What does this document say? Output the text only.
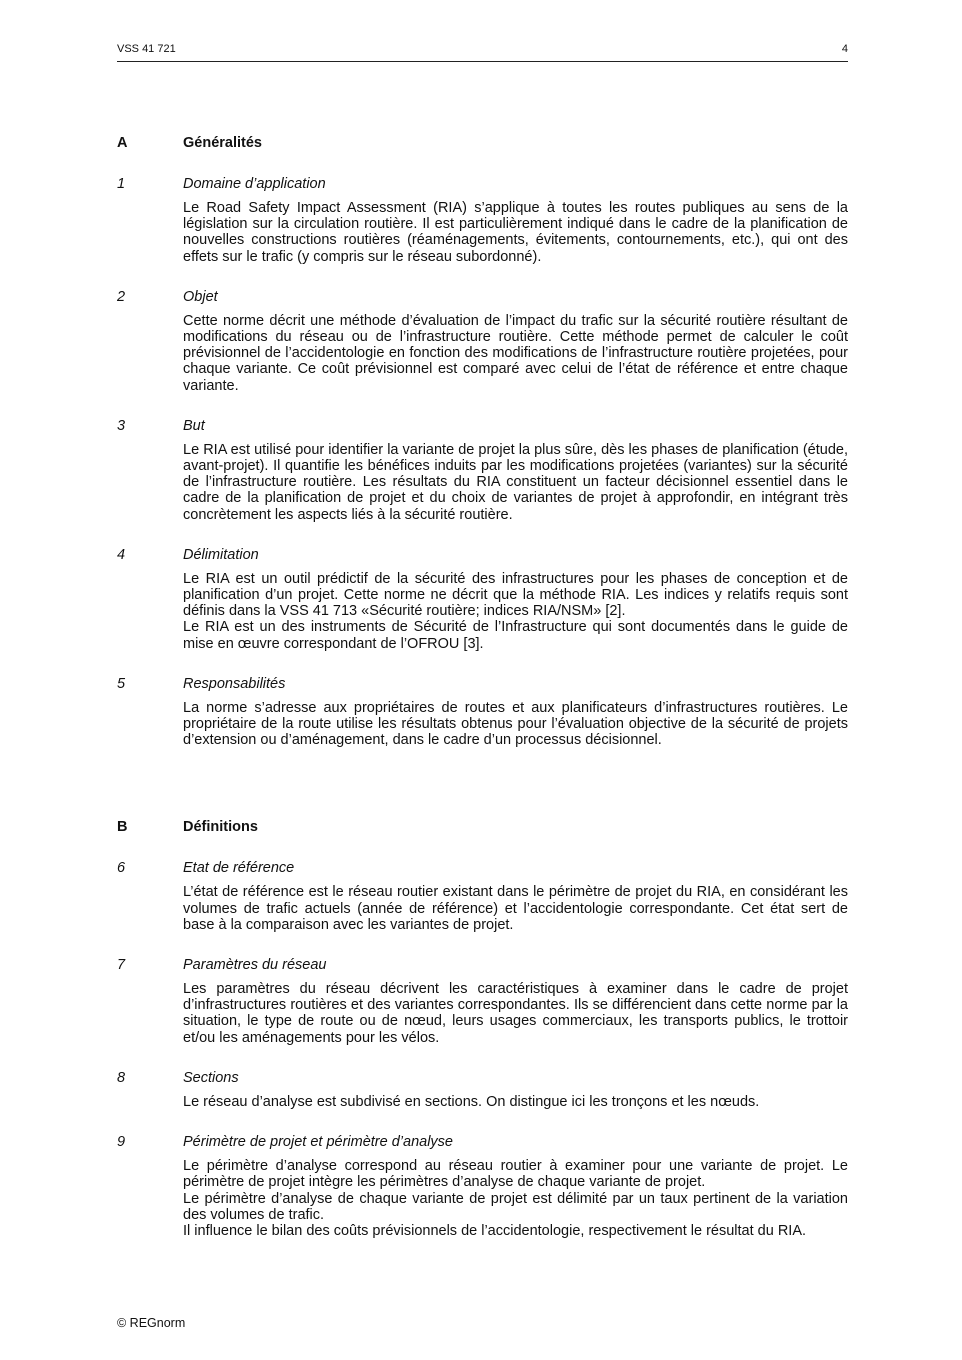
VSS 41 721	4
A	Généralités
1	Domaine d’application

Le Road Safety Impact Assessment (RIA) s’applique à toutes les routes publiques au sens de la législation sur la circulation routière. Il est particulièrement indiqué dans le cadre de la planification de nouvelles constructions routières (réaménagements, évitements, contournements, etc.), qui ont des effets sur le trafic (y compris sur le réseau subordonné).

2	Objet

Cette norme décrit une méthode d’évaluation de l’impact du trafic sur la sécurité routière résultant de modifications du réseau ou de l’infrastructure routière. Cette méthode permet de calculer le coût prévisionnel de l’accidentologie en fonction des modifications de l’infrastructure routière projetées, pour chaque variante. Ce coût prévisionnel est comparé avec celui de l’état de référence et entre chaque variante.

3	But

Le RIA est utilisé pour identifier la variante de projet la plus sûre, dès les phases de planification (étude, avant-projet). Il quantifie les bénéfices induits par les modifications projetées (variantes) sur la sécurité de l’infrastructure routière. Les résultats du RIA constituent un facteur décisionnel essentiel dans le cadre de la planification de projet et du choix de variantes de projet à approfondir, en intégrant très concrètement les aspects liés à la sécurité routière.

4	Délimitation

Le RIA est un outil prédictif de la sécurité des infrastructures pour les phases de conception et de planification d’un projet. Cette norme ne décrit que la méthode RIA. Les indices y relatifs requis sont définis dans la VSS 41 713 «Sécurité routière; indices RIA/NSM» [2].

Le RIA est un des instruments de Sécurité de l’Infrastructure qui sont documentés dans le guide de mise en œuvre correspondant de l’OFROU [3].

5	Responsabilités

La norme s’adresse aux propriétaires de routes et aux planificateurs d’infrastructures routières. Le propriétaire de la route utilise les résultats obtenus pour l’évaluation objective de la sécurité de projets d’extension ou d’aménagement, dans le cadre d’un processus décisionnel.

B	Définitions
6	Etat de référence

L’état de référence est le réseau routier existant dans le périmètre de projet du RIA, en considérant les volumes de trafic actuels (année de référence) et l’accidentologie correspondante. Cet état sert de base à la comparaison avec les variantes de projet.

7	Paramètres du réseau

Les paramètres du réseau décrivent les caractéristiques à examiner dans le cadre de projet d’infrastructures routières et des variantes correspondantes. Ils se différencient dans cette norme par la situation, le type de route ou de nœud, leurs usages commerciaux, les transports publics, le trottoir et/ou les aménagements pour les vélos.

8	Sections

Le réseau d’analyse est subdivisé en sections. On distingue ici les tronçons et les nœuds.

9	Périmètre de projet et périmètre d’analyse

Le périmètre d’analyse correspond au réseau routier à examiner pour une variante de projet. Le périmètre de projet intègre les périmètres d’analyse de chaque variante de projet.

Le périmètre d’analyse de chaque variante de projet est délimité par un taux pertinent de la variation des volumes de trafic.

Il influence le bilan des coûts prévisionnels de l’accidentologie, respectivement le résultat du RIA.

© REGnorm
